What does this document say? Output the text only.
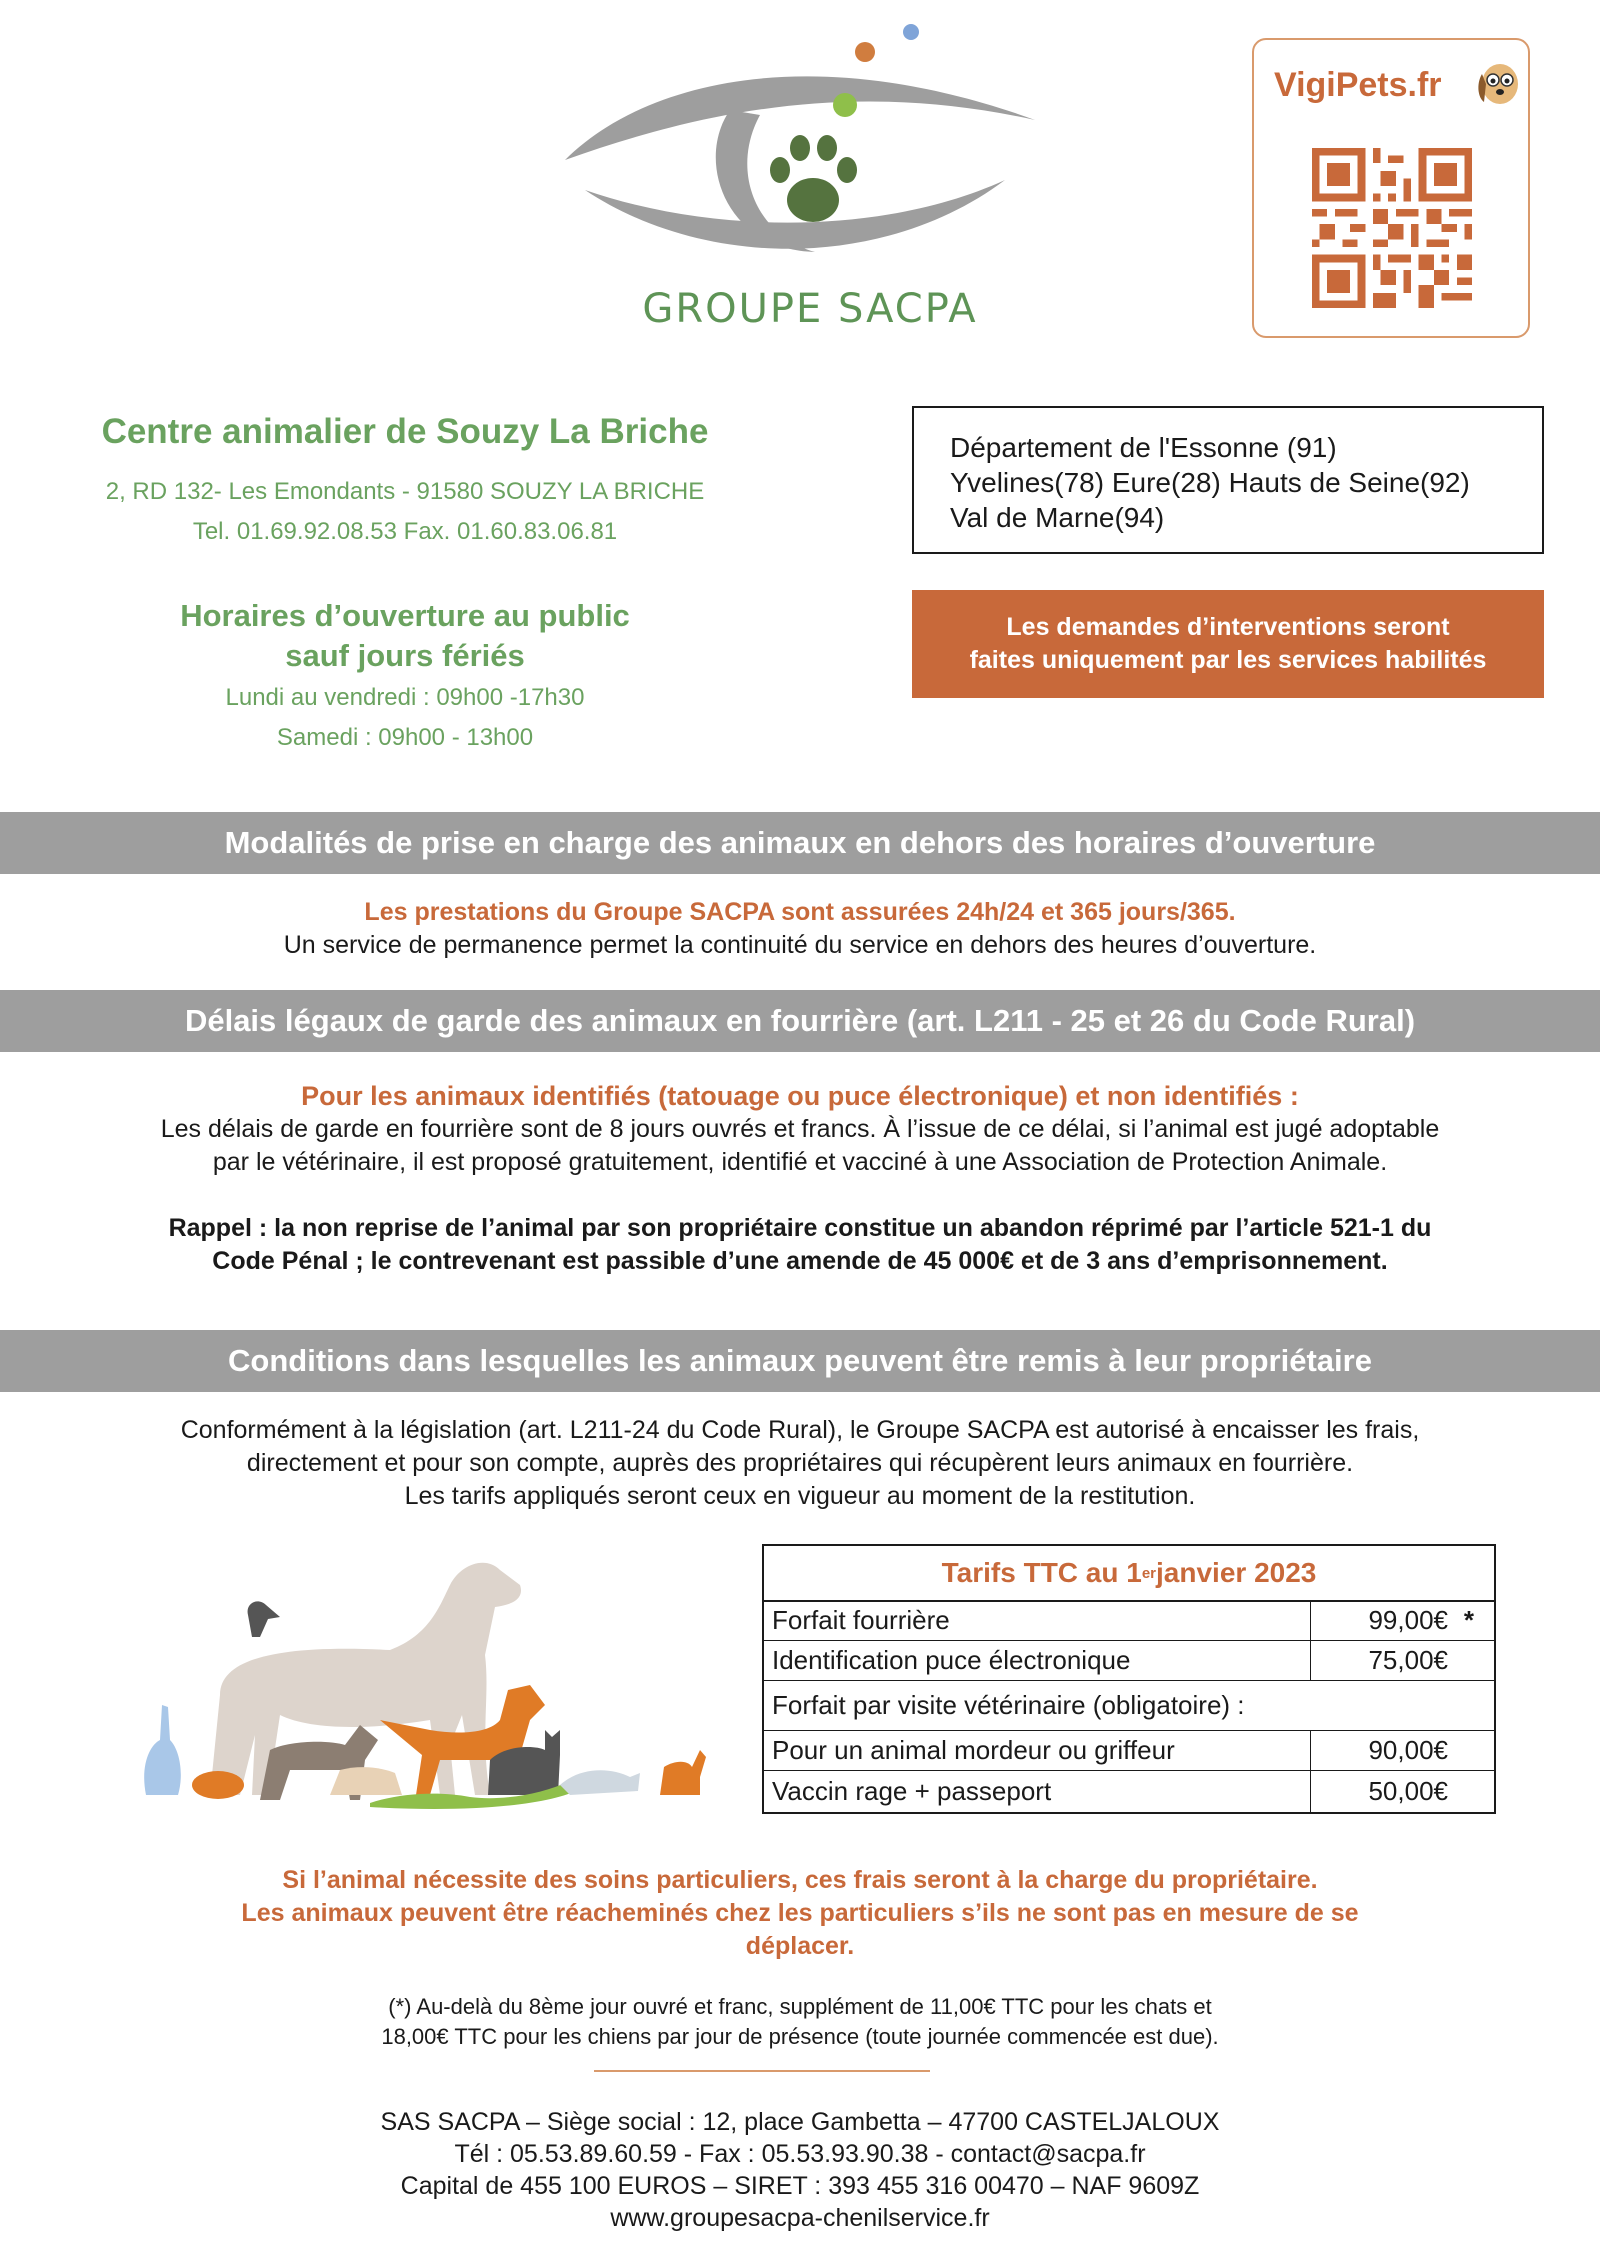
GROUPE SACPA
VigiPets.fr
Centre animalier de Souzy La Briche
2, RD 132- Les Emondants - 91580 SOUZY LA BRICHE
Tel. 01.69.92.08.53 Fax. 01.60.83.06.81
Horaires d’ouverture au public
sauf jours fériés
Lundi au vendredi : 09h00 -17h30
Samedi : 09h00 - 13h00
Département de l'Essonne (91)
Yvelines(78) Eure(28) Hauts de Seine(92)
Val de Marne(94)
Les demandes d’interventions seront
faites uniquement par les services habilités
Modalités de prise en charge des animaux en dehors des horaires d’ouverture
Les prestations du Groupe SACPA sont assurées 24h/24 et 365 jours/365.
Un service de permanence permet la continuité du service en dehors des heures d’ouverture.
Délais légaux de garde des animaux en fourrière (art. L211 - 25 et 26 du Code Rural)
Pour les animaux identifiés (tatouage ou puce électronique) et non identifiés :
Les délais de garde en fourrière sont de 8 jours ouvrés et francs. À l’issue de ce délai, si l’animal est jugé adoptable
par le vétérinaire, il est proposé gratuitement, identifié et vacciné à une Association de Protection Animale.
Rappel : la non reprise de l’animal par son propriétaire constitue un abandon réprimé par l’article 521-1 du
Code Pénal ; le contrevenant est passible d’une amende de 45 000€ et de 3 ans d’emprisonnement.
Conditions dans lesquelles les animaux peuvent être remis à leur propriétaire
Conformément à la législation (art. L211-24 du Code Rural), le Groupe SACPA est autorisé à encaisser les frais,
directement et pour son compte, auprès des propriétaires qui récupèrent leurs animaux en fourrière.
Les tarifs appliqués seront ceux en vigueur au moment de la restitution.
Tarifs TTC au 1 er janvier 2023
Forfait fourrière	99,00€ *
Identification puce électronique	75,00€
Forfait par visite vétérinaire (obligatoire) :
Pour un animal mordeur ou griffeur	90,00€
Vaccin rage + passeport	50,00€
Si l’animal nécessite des soins particuliers, ces frais seront à la charge du propriétaire.
Les animaux peuvent être réacheminés chez les particuliers s’ils ne sont pas en mesure de se
déplacer.
(*) Au-delà du 8ème jour ouvré et franc, supplément de 11,00€ TTC pour les chats et
18,00€ TTC pour les chiens par jour de présence (toute journée commencée est due).
SAS SACPA – Siège social : 12, place Gambetta – 47700 CASTELJALOUX
Tél : 05.53.89.60.59 - Fax : 05.53.93.90.38 - contact@sacpa.fr
Capital de 455 100 EUROS – SIRET : 393 455 316 00470 – NAF 9609Z
www.groupesacpa-chenilservice.fr
